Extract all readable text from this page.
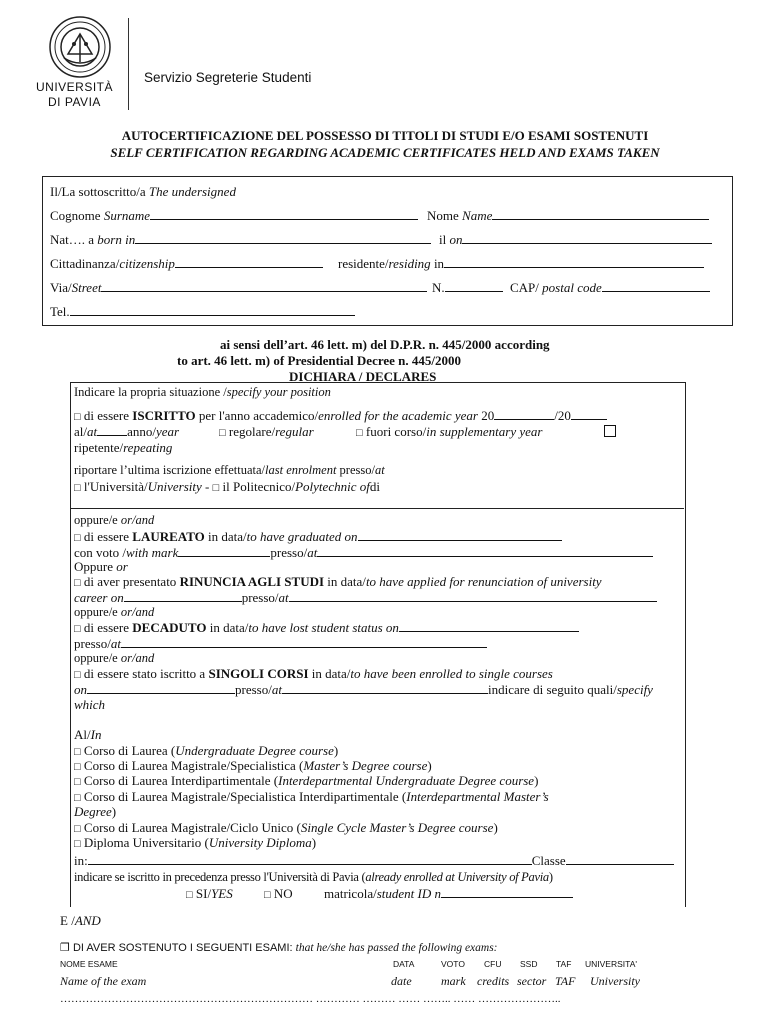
UNIVERSITÀ
DI PAVIA
Servizio Segreterie Studenti
AUTOCERTIFICAZIONE DEL POSSESSO DI TITOLI DI STUDI E/O ESAMI SOSTENUTI
SELF CERTIFICATION REGARDING ACADEMIC CERTIFICATES HELD AND EXAMS TAKEN
Il/La sottoscritto/a The undersigned
Cognome Surname	Nome Name
Nat…. a born in	il on
Cittadinanza/citizenship	residente/residing in
Via/Street	N.	CAP/ postal code
Tel.
ai sensi dell’art. 46 lett. m) del D.P.R. n. 445/2000 according
to art. 46 lett. m) of Presidential Decree n. 445/2000
DICHIARA / DECLARES
Indicare la propria situazione /specify your position
□ di essere ISCRITTO per l'anno accademico/enrolled for the academic year 20	/20
al/at anno/year	□ regolare/regular	□ fuori corso/in supplementary year
ripetente/repeating
riportare l’ultima iscrizione effettuata/last enrolment presso/at
□ l'Università/University - □ il Politecnico/Polytechnic ofdi
oppure/e or/and
□ di essere LAUREATO in data/to have graduated on
con voto /with mark	presso/at
Oppure or
□ di aver presentato RINUNCIA AGLI STUDI in data/to have applied for renunciation of university
career on	presso/at
oppure/e or/and
□ di essere DECADUTO in data/to have lost student status on
presso/at
oppure/e or/and
□ di essere stato iscritto a SINGOLI CORSI in data/to have been enrolled to single courses
on	presso/at	indicare di seguito quali/specify
which
Al/In
□ Corso di Laurea (Undergraduate Degree course)
□ Corso di Laurea Magistrale/Specialistica (Master’s Degree course)
□ Corso di Laurea Interdipartimentale (Interdepartmental Undergraduate Degree course)
□ Corso di Laurea Magistrale/Specialistica Interdipartimentale (Interdepartmental Master’s
Degree)
□ Corso di Laurea Magistrale/Ciclo Unico (Single Cycle Master’s Degree course)
□ Diploma Universitario (University Diploma)
in:	Classe
indicare se iscritto in precedenza presso l'Università di Pavia (already enrolled at University of Pavia)
□ SI/YES	□ NO matricola/student ID n
E /AND
❐ DI AVER SOSTENUTO I SEGUENTI ESAMI: that he/she has passed the following exams:
NOME ESAME	DATA	VOTO CFU SSD TAF UNIVERSITA'
Name of the exam	date mark credits sector TAF University
…………………………………………………………… ………… ……… …… …….. …… …………………..
